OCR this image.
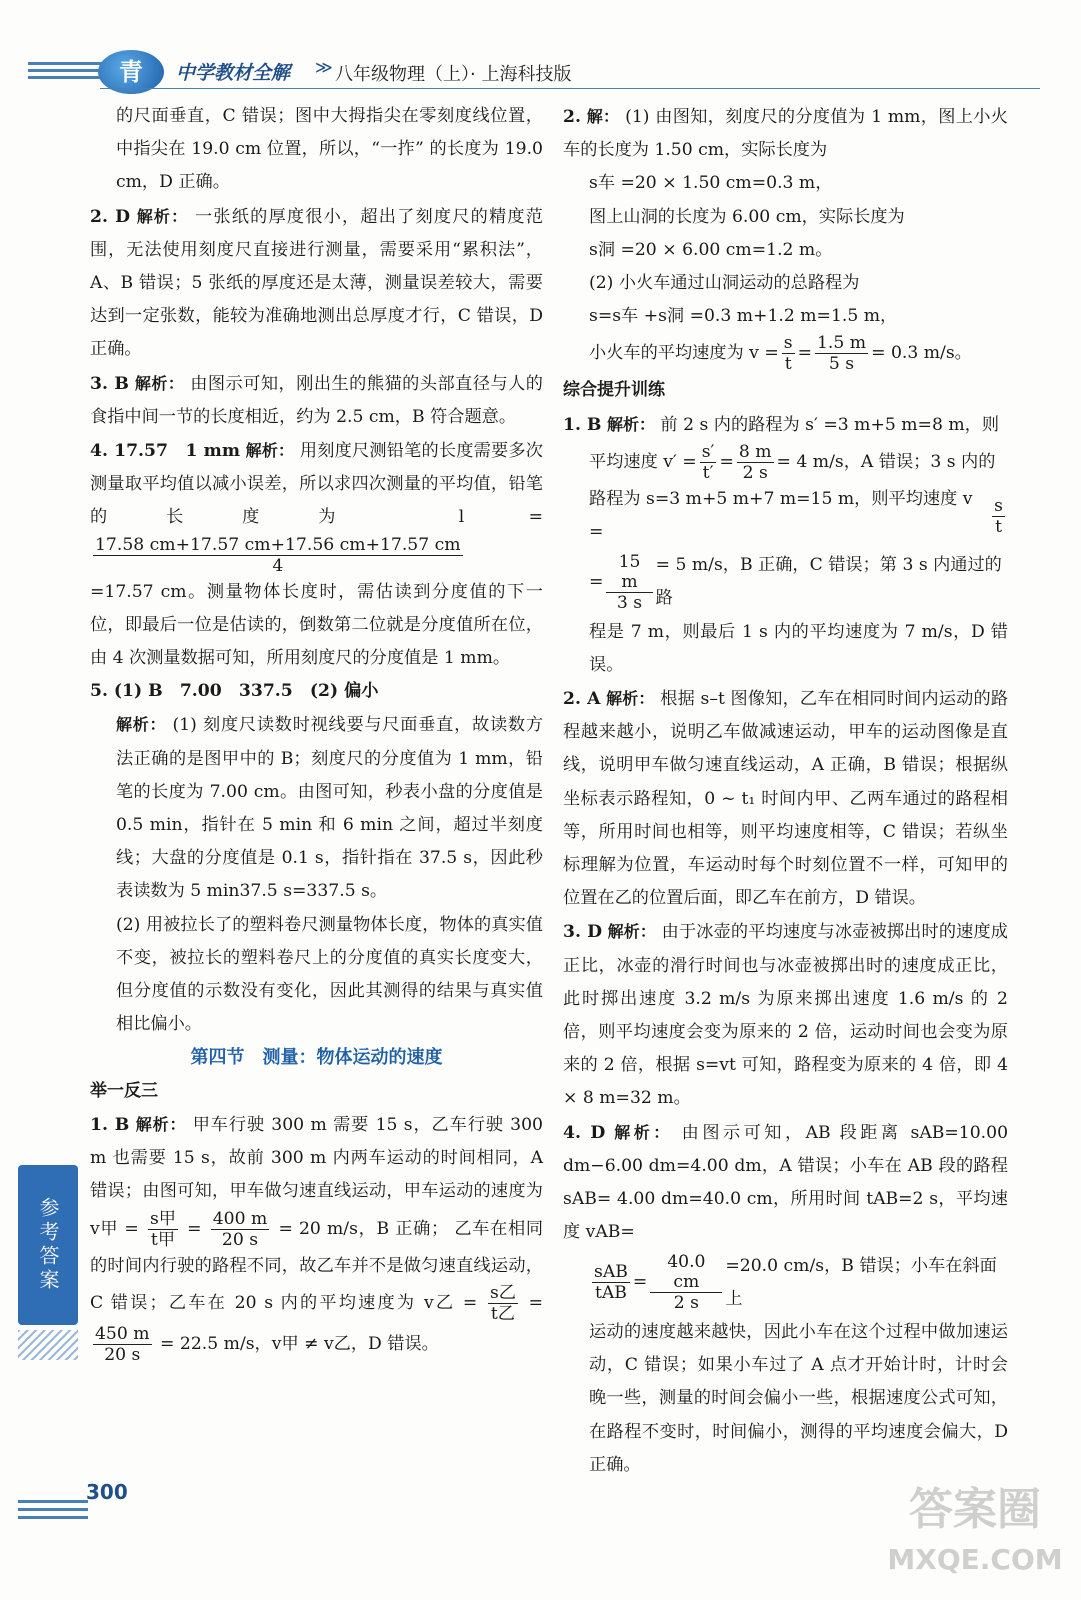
青	中学教材全解 ≫ 八年级物理（上）· 上海科技版

的尺面垂直，C 错误；图中大拇指尖在零刻度线位置，中指尖在 19.0 cm 位置，所以，“一拃” 的长度为 19.0 cm，D 正确。

2. D 解析： 一张纸的厚度很小，超出了刻度尺的精度范围，无法使用刻度尺直接进行测量，需要采用“累积法”，A、B 错误；5 张纸的厚度还是太薄，测量误差较大，需要达到一定张数，能较为准确地测出总厚度才行，C 错误，D 正确。

3. B 解析： 由图示可知，刚出生的熊猫的头部直径与人的食指中间一节的长度相近，约为 2.5 cm，B 符合题意。

4. 17.57　1 mm 解析： 用刻度尺测铅笔的长度需要多次测量取平均值以减小误差，所以求四次测量的平均值，铅笔的长度为	l =
$\frac{17.58 cm+17.57 cm+17.56 cm+17.57 cm}{4}$

=17.57 cm。测量物体长度时，需估读到分度值的下一位，即最后一位是估读的，倒数第二位就是分度值所在位，由 4 次测量数据可知，所用刻度尺的分度值是 1 mm。

5. (1) B　7.00　337.5　(2) 偏小

解析： (1) 刻度尺读数时视线要与尺面垂直，故读数方法正确的是图甲中的 B；刻度尺的分度值为 1 mm，铅笔的长度为 7.00 cm。由图可知，秒表小盘的分度值是 0.5 min，指针在 5 min 和 6 min 之间，超过半刻度线；大盘的分度值是 0.1 s，指针指在 37.5 s，因此秒表读数为 5 min37.5 s=337.5 s。

(2) 用被拉长了的塑料卷尺测量物体长度，物体的真实值不变，被拉长的塑料卷尺上的分度值的真实长度变大，但分度值的示数没有变化，因此其测得的结果与真实值相比偏小。

第四节　测量：物体运动的速度

举一反三

1. B 解析： 甲车行驶 300 m 需要 15 s，乙车行驶 300 m 也需要 15 s，故前 300 m 内两车运动的时间相同，A 错误；由图可知，甲车做匀速直线运动，甲车运动的速度为 v甲 = $\frac{\text{s甲}}{\text{t甲}} = \frac{400 m}{20 s} = 20$ m/s，B 正确； 乙车在相同的时间内行驶的路程不同，故乙车并不是做匀速直线运动，C 错误；乙车在 20 s 内的平均速度为 v乙 = $\frac{\text{s乙}}{\text{t乙}}$ =
$\frac{450 m}{20 s} = 22.5$ m/s，v甲 ≠ v乙，D 错误。

2. 解： (1) 由图知，刻度尺的分度值为 1 mm，图上小火车的长度为 1.50 cm，实际长度为

s车 =20 × 1.50 cm=0.3 m，

图上山洞的长度为 6.00 cm，实际长度为

s洞 =20 × 6.00 cm=1.2 m。

(2) 小火车通过山洞运动的总路程为

s=s车 +s洞 =0.3 m+1.2 m=1.5 m，

小火车的平均速度为 $v = \frac{s}{t} = \frac{1.5 m}{5 s} = 0.3$ m/s。

综合提升训练

1. B 解析： 前 2 s 内的路程为 s′ =3 m+5 m=8 m，则

平均速度 $v' = \frac{s'}{t'} = \frac{8 m}{2 s} = 4$ m/s，A 错误；3 s 内的

路程为 s=3 m+5 m+7 m=15 m，则平均速度 v =	$\frac{s}{t}$

= $\frac{15 m}{3 s} = 5$ m/s，B 正确，C 错误；第 3 s 内通过的路

程是 7 m，则最后 1 s 内的平均速度为 7 m/s，D 错误。

2. A 解析： 根据 s–t 图像知，乙车在相同时间内运动的路程越来越小，说明乙车做减速运动，甲车的运动图像是直线，说明甲车做匀速直线运动，A 正确，B 错误；根据纵坐标表示路程知，0 ~ t₁ 时间内甲、乙两车通过的路程相等，所用时间也相等，则平均速度相等，C 错误；若纵坐标理解为位置，车运动时每个时刻位置不一样，可知甲的位置在乙的位置后面，即乙车在前方，D 错误。

3. D 解析： 由于冰壶的平均速度与冰壶被掷出时的速度成正比，冰壶的滑行时间也与冰壶被掷出时的速度成正比，此时掷出速度 3.2 m/s 为原来掷出速度 1.6 m/s 的 2 倍，则平均速度会变为原来的 2 倍，运动时间也会变为原来的 2 倍，根据 s=vt 可知，路程变为原来的 4 倍，即 4 × 8 m=32 m。

4. D 解析： 由图示可知，AB 段距离 sAB=10.00 dm−6.00 dm=4.00 dm，A 错误；小车在 AB 段的路程 sAB= 4.00 dm=40.0 cm，所用时间 tAB=2 s，平均速度 vAB=

$\frac{\text{sAB}}{\text{tAB}} = \frac{40.0 cm}{2 s} =20.0$ cm/s，B 错误；小车在斜面上

运动的速度越来越快，因此小车在这个过程中做加速运动，C 错误；如果小车过了 A 点才开始计时，计时会晚一些，测量的时间会偏小一些，根据速度公式可知，在路程不变时，时间偏小，测得的平均速度会偏大，D 正确。

参考答案
300	答案圈
MXQE.COM
